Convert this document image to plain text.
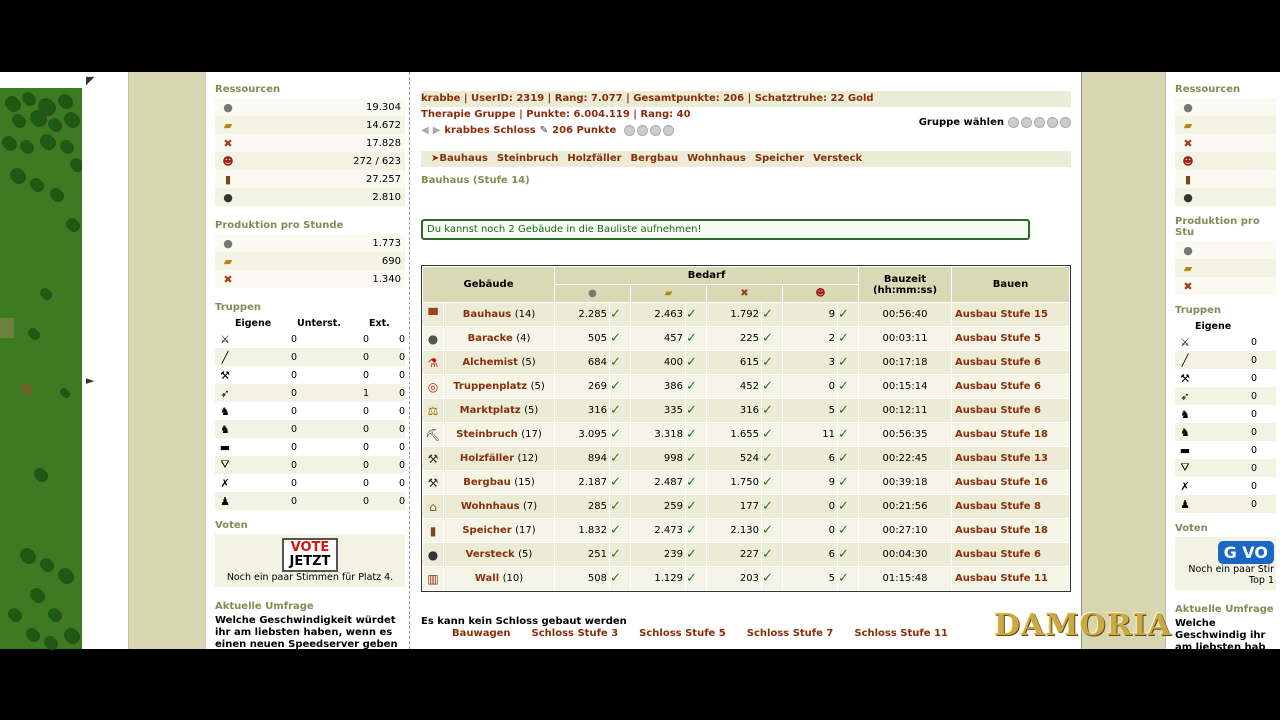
⌂
◤
►
Ressourcen
●	19.304
▰	14.672
✖	17.828
☻	272 / 623
▮	27.257
●	2.810
Produktion pro Stunde
●	1.773
▰	690
✖	1.340
Truppen
Eigene	Unterst.	Ext.
⚔	0	0	0
╱	0	0	0
⚒	0	0	0
➶	0	1	0
♞	0	0	0
♞	0	0	0
▬	0	0	0
⛛	0	0	0
✗	0	0	0
♟	0	0	0
Voten
VOTE
JETZT
Noch ein paar Stimmen für Platz 4.
Aktuelle Umfrage
Welche Geschwindigkeit würdet ihr am liebsten haben, wenn es einen neuen Speedserver geben soll?
krabbe | UserID: 2319 | Rang: 7.077 | Gesamtpunkte: 206 | Schatztruhe: 22 Gold
Therapie Gruppe | Punkte: 6.004.119 | Rang: 40
◀ ▶ krabbes Schloss ✎ 206 Punkte
Gruppe wählen
➤Bauhaus Steinbruch Holzfäller Bergbau Wohnhaus Speicher Versteck
Bauhaus (Stufe 14)
Du kannst noch 2 Gebäude in die Bauliste aufnehmen!
Gebäude		Bedarf								Bauzeit (hh:mm:ss)	Bauen
		●		▰		✖		☻			
▀	Bauhaus (14)	2.285	✓	2.463	✓	1.792	✓	9	✓	00:56:40	Ausbau Stufe 15
●	Baracke (4)	505	✓	457	✓	225	✓	2	✓	00:03:11	Ausbau Stufe 5
⚗	Alchemist (5)	684	✓	400	✓	615	✓	3	✓	00:17:18	Ausbau Stufe 6
◎	Truppenplatz (5)	269	✓	386	✓	452	✓	0	✓	00:15:14	Ausbau Stufe 6
⚖	Marktplatz (5)	316	✓	335	✓	316	✓	5	✓	00:12:11	Ausbau Stufe 6
⛏	Steinbruch (17)	3.095	✓	3.318	✓	1.655	✓	11	✓	00:56:35	Ausbau Stufe 18
⚒	Holzfäller (12)	894	✓	998	✓	524	✓	6	✓	00:22:45	Ausbau Stufe 13
⚒	Bergbau (15)	2.187	✓	2.487	✓	1.750	✓	9	✓	00:39:18	Ausbau Stufe 16
⌂	Wohnhaus (7)	285	✓	259	✓	177	✓	0	✓	00:21:56	Ausbau Stufe 8
▮	Speicher (17)	1.832	✓	2.473	✓	2.130	✓	0	✓	00:27:10	Ausbau Stufe 18
●	Versteck (5)	251	✓	239	✓	227	✓	6	✓	00:04:30	Ausbau Stufe 6
▥	Wall (10)	508	✓	1.129	✓	203	✓	5	✓	01:15:48	Ausbau Stufe 11
Es kann kein Schloss gebaut werden
Bauwagen Schloss Stufe 3 Schloss Stufe 5 Schloss Stufe 7 Schloss Stufe 11
Ressourcen
●
▰
✖
☻
▮
●
Produktion pro Stu
●
▰
✖
Truppen
Eigene
⚔	0
╱	0
⚒	0
➶	0
♞	0
♞	0
▬	0
⛛	0
✗	0
♟	0
Voten
G VO
Noch ein paar Stir
Top 1
Aktuelle Umfrage
Welche Geschwindig ihr am liebsten hab einen neuen Speed sollte.
DAMORIA
